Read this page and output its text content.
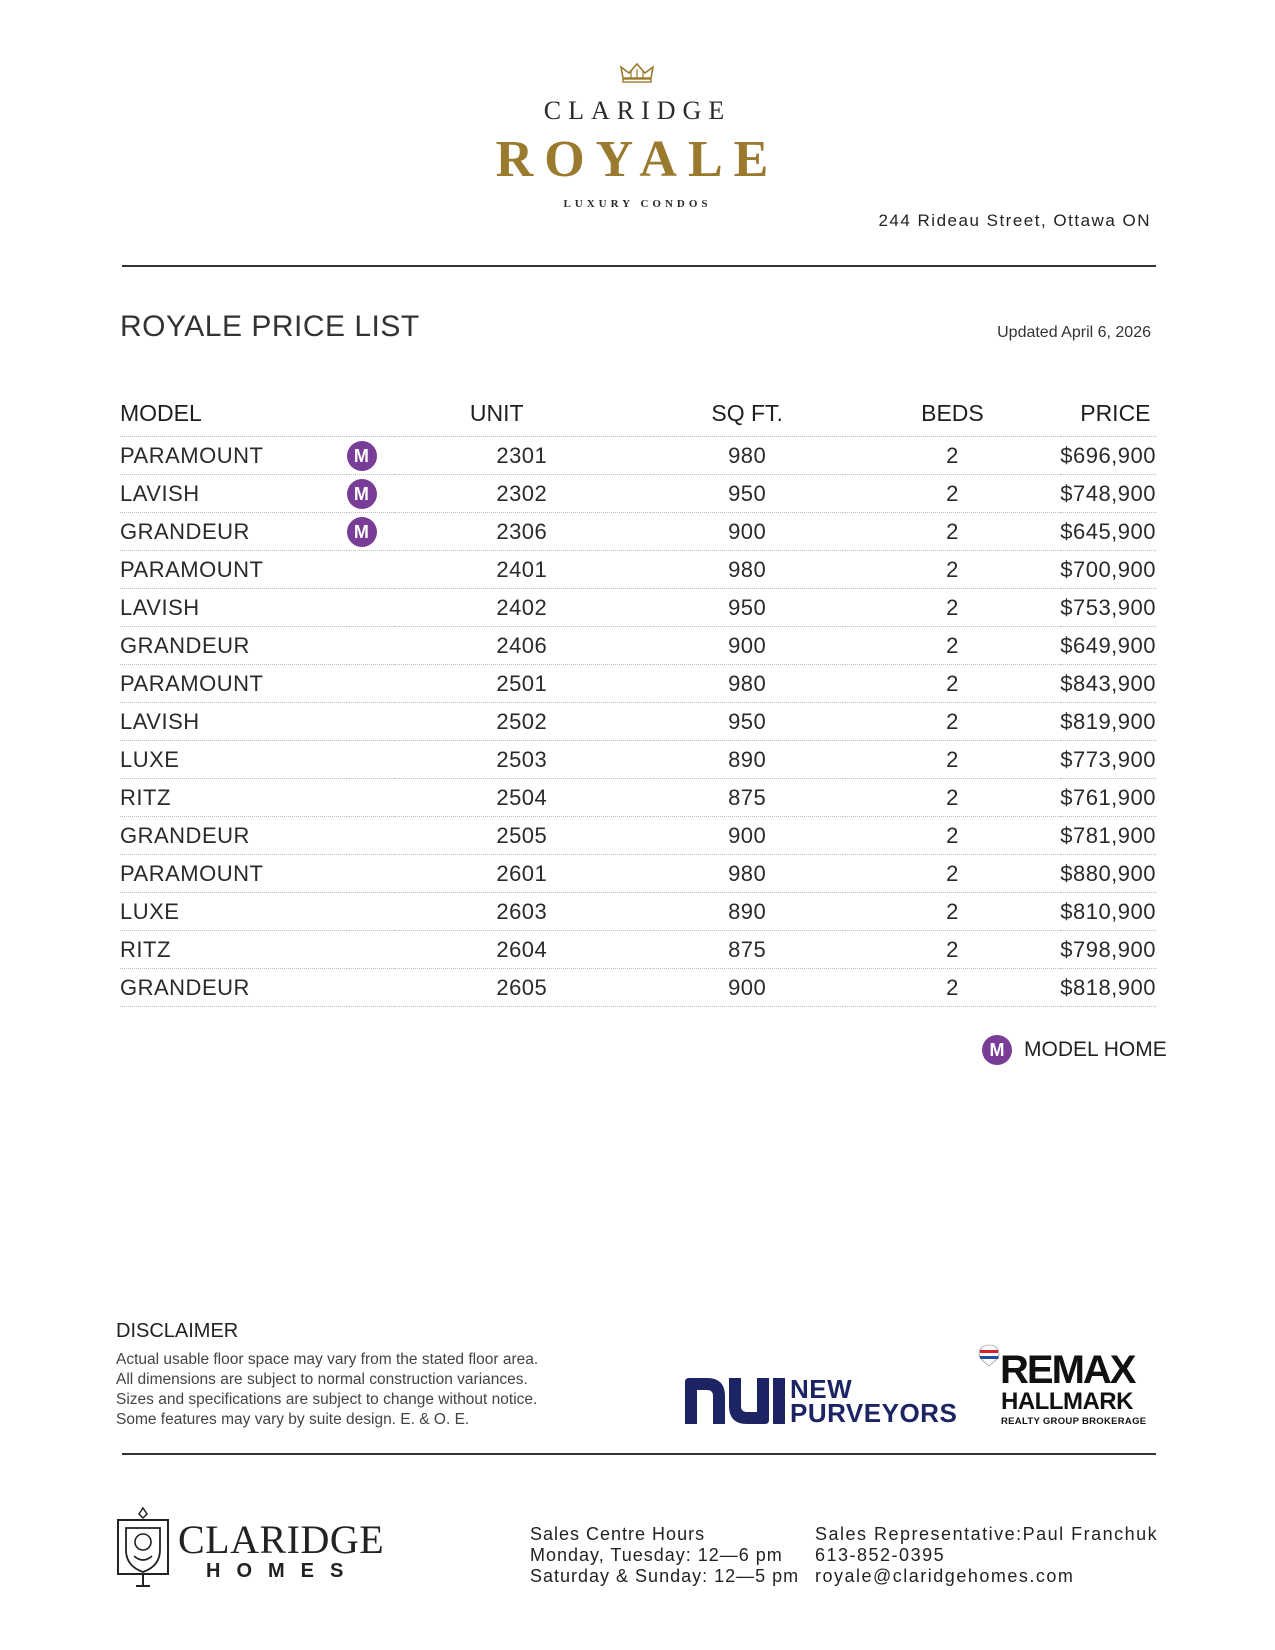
CLARIDGE
ROYALE
LUXURY CONDOS
244 Rideau Street, Ottawa ON
ROYALE PRICE LIST	Updated April 6, 2026
MODEL		UNIT	SQ FT.	BEDS	PRICE
PARAMOUNT	M	2301	980	2	$696,900
LAVISH	M	2302	950	2	$748,900
GRANDEUR	M	2306	900	2	$645,900
PARAMOUNT		2401	980	2	$700,900
LAVISH		2402	950	2	$753,900
GRANDEUR		2406	900	2	$649,900
PARAMOUNT		2501	980	2	$843,900
LAVISH		2502	950	2	$819,900
LUXE		2503	890	2	$773,900
RITZ		2504	875	2	$761,900
GRANDEUR		2505	900	2	$781,900
PARAMOUNT		2601	980	2	$880,900
LUXE		2603	890	2	$810,900
RITZ		2604	875	2	$798,900
GRANDEUR		2605	900	2	$818,900
M MODEL HOME
DISCLAIMER
Actual usable floor space may vary from the stated floor area.
All dimensions are subject to normal construction variances.
Sizes and specifications are subject to change without notice.
Some features may vary by suite design. E. & O. E.
NEW
PURVEYORS
REMAX
HALLMARK
REALTY GROUP BROKERAGE
CLARIDGE
HOMES
Sales Centre Hours
Monday, Tuesday: 12—6 pm
Saturday & Sunday: 12—5 pm
Sales Representative:Paul Franchuk
613-852-0395
royale@claridgehomes.com
